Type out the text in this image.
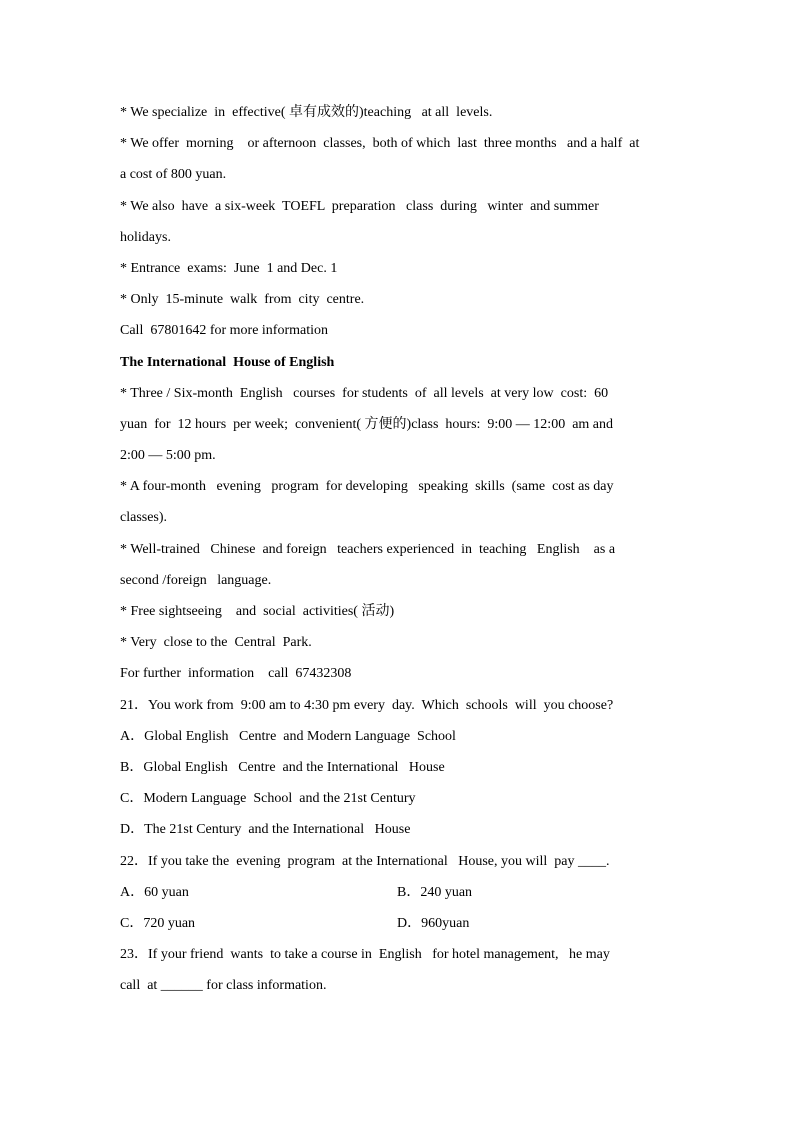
* We specialize  in  effective( 卓有成效的)teaching   at all  levels.
* We offer  morning    or afternoon  classes,  both of which  last  three months   and a half  at
a cost of 800 yuan.
* We also  have  a six-week  TOEFL  preparation   class  during   winter  and summer
holidays.
* Entrance  exams:  June  1 and Dec. 1
* Only  15-minute  walk  from  city  centre.
Call  67801642 for more information
The International  House of English
* Three / Six-month  English   courses  for students  of  all levels  at very low  cost:  60
yuan  for  12 hours  per week;  convenient( 方便的)class  hours:  9:00 — 12:00  am and
2:00 — 5:00 pm.
* A four-month   evening   program  for developing   speaking  skills  (same  cost as day
classes).
* Well-trained   Chinese  and foreign   teachers experienced  in  teaching   English    as a
second /foreign   language.
* Free sightseeing    and  social  activities( 活动)
* Very  close to the  Central  Park.
For further  information    call  67432308
21．You work from  9:00 am to 4:30 pm every  day.  Which  schools  will  you choose?
A．Global English   Centre  and Modern Language  School
B．Global English   Centre  and the International   House
C．Modern Language  School  and the 21st Century
D．The 21st Century  and the International   House
22．If you take the  evening  program  at the International   House, you will  pay ____.
A．60 yuan	B．240 yuan
C．720 yuan	D．960yuan
23．If your friend  wants  to take a course in  English   for hotel management,   he may
call  at ______ for class information.
